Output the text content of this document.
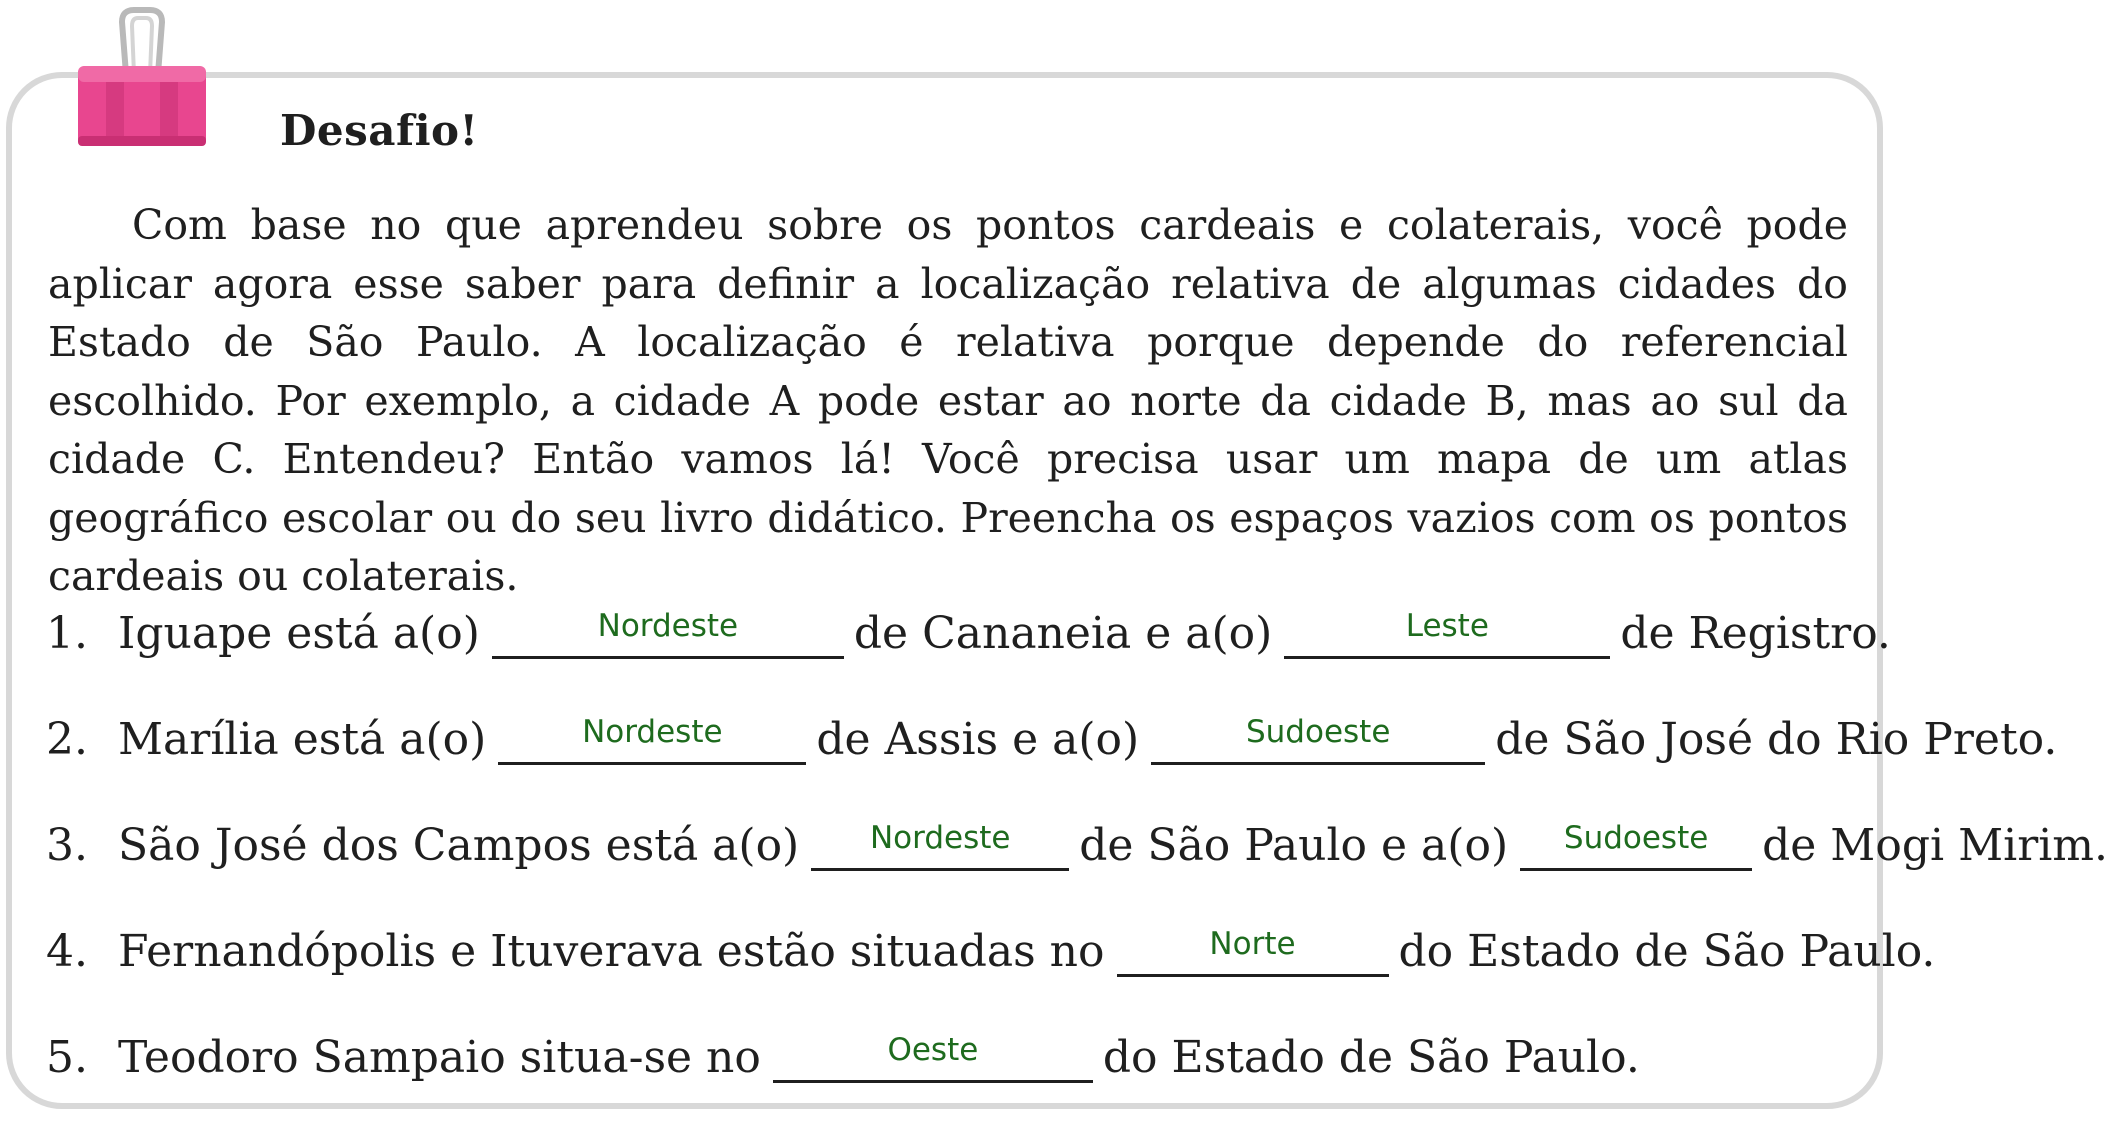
Desafio!

Com base no que aprendeu sobre os pontos cardeais e colaterais, você pode aplicar agora esse saber para definir a localização relativa de algumas cidades do Estado de São Paulo. A localização é relativa porque depende do referencial escolhido. Por exemplo, a cidade A pode estar ao norte da cidade B, mas ao sul da cidade C. Entendeu? Então vamos lá! Você precisa usar um mapa de um atlas geográfico escolar ou do seu livro didático. Preencha os espaços vazios com os pontos cardeais ou colaterais.

1. Iguape está a(o)	Nordeste	de Cananeia e a(o)	Leste	de Registro.
2. Marília está a(o)	Nordeste	de Assis e a(o)	Sudoeste	de São José do Rio Preto.
3. São José dos Campos está a(o)	Nordeste	de São Paulo e a(o)	Sudoeste	de Mogi Mirim.
4. Fernandópolis e Ituverava estão situadas no	Norte	do Estado de São Paulo.
5. Teodoro Sampaio situa-se no	Oeste	do Estado de São Paulo.
